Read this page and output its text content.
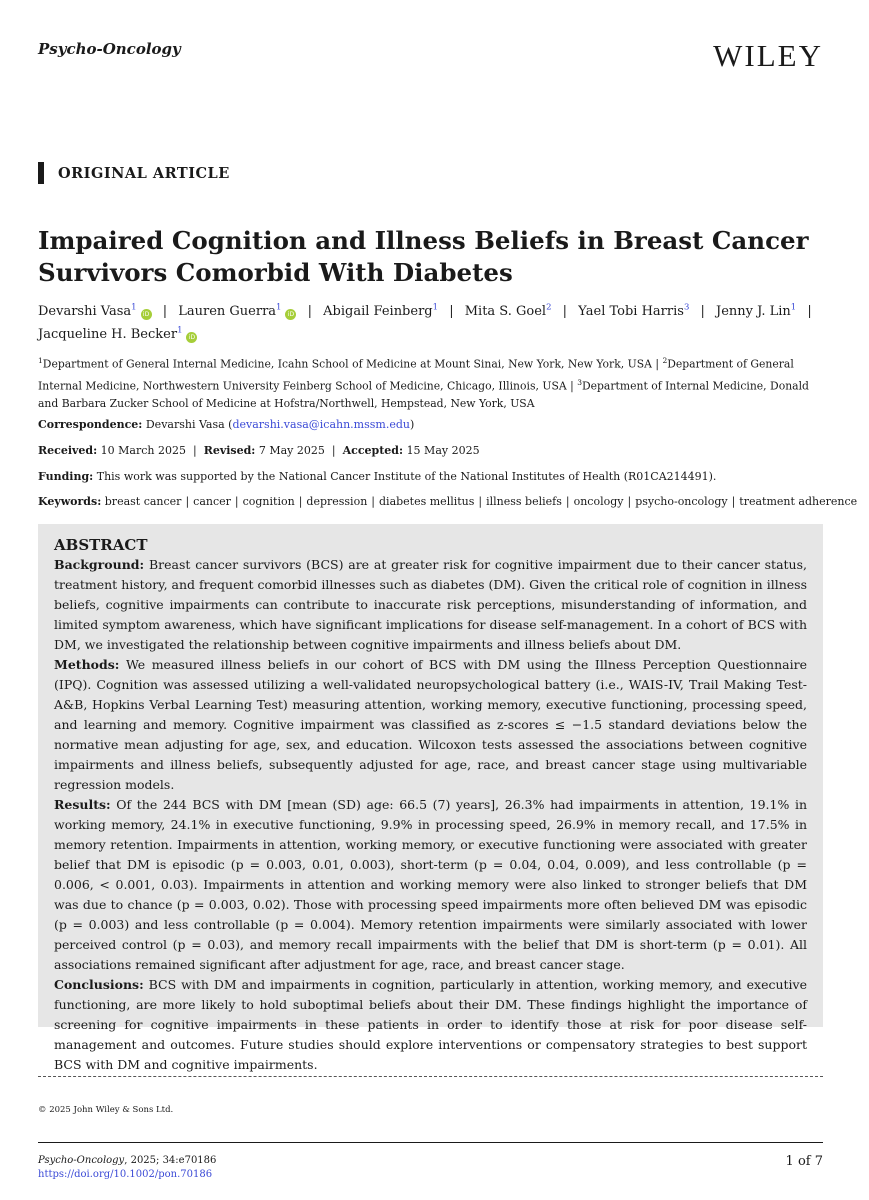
Psycho-Oncology	WILEY
ORIGINAL ARTICLE
Impaired Cognition and Illness Beliefs in Breast Cancer Survivors Comorbid With Diabetes
Devarshi Vasa$^1$iD | Lauren Guerra$^1$iD | Abigail Feinberg$^1$ | Mita S. Goel$^2$ | Yael Tobi Harris$^3$ | Jenny J. Lin$^1$ | Jacqueline H. Becker$^1$iD
$^1$Department of General Internal Medicine, Icahn School of Medicine at Mount Sinai, New York, New York, USA | $^2$Department of General Internal Medicine, Northwestern University Feinberg School of Medicine, Chicago, Illinois, USA | $^3$Department of Internal Medicine, Donald and Barbara Zucker School of Medicine at Hofstra/Northwell, Hempstead, New York, USA
Correspondence: Devarshi Vasa (devarshi.vasa@icahn.mssm.edu)
Received: 10 March 2025 | Revised: 7 May 2025 | Accepted: 15 May 2025
Funding: This work was supported by the National Cancer Institute of the National Institutes of Health (R01CA214491).
Keywords: breast cancer | cancer | cognition | depression | diabetes mellitus | illness beliefs | oncology | psycho-oncology | treatment adherence
ABSTRACT

Background: Breast cancer survivors (BCS) are at greater risk for cognitive impairment due to their cancer status, treatment history, and frequent comorbid illnesses such as diabetes (DM). Given the critical role of cognition in illness beliefs, cognitive impairments can contribute to inaccurate risk perceptions, misunderstanding of information, and limited symptom awareness, which have significant implications for disease self-management. In a cohort of BCS with DM, we investigated the relationship between cognitive impairments and illness beliefs about DM.

Methods: We measured illness beliefs in our cohort of BCS with DM using the Illness Perception Questionnaire (IPQ). Cognition was assessed utilizing a well-validated neuropsychological battery (i.e., WAIS-IV, Trail Making Test-A&B, Hopkins Verbal Learning Test) measuring attention, working memory, executive functioning, processing speed, and learning and memory. Cognitive impairment was classified as z-scores ≤ −1.5 standard deviations below the normative mean adjusting for age, sex, and education. Wilcoxon tests assessed the associations between cognitive impairments and illness beliefs, subsequently adjusted for age, race, and breast cancer stage using multivariable regression models.

Results: Of the 244 BCS with DM [mean (SD) age: 66.5 (7) years], 26.3% had impairments in attention, 19.1% in working memory, 24.1% in executive functioning, 9.9% in processing speed, 26.9% in memory recall, and 17.5% in memory retention. Impairments in attention, working memory, or executive functioning were associated with greater belief that DM is episodic (p = 0.003, 0.01, 0.003), short-term (p = 0.04, 0.04, 0.009), and less controllable (p = 0.006, < 0.001, 0.03). Impairments in attention and working memory were also linked to stronger beliefs that DM was due to chance (p = 0.003, 0.02). Those with processing speed impairments more often believed DM was episodic (p = 0.003) and less controllable (p = 0.004). Memory retention impairments were similarly associated with lower perceived control (p = 0.03), and memory recall impairments with the belief that DM is short-term (p = 0.01). All associations remained significant after adjustment for age, race, and breast cancer stage.

Conclusions: BCS with DM and impairments in cognition, particularly in attention, working memory, and executive functioning, are more likely to hold suboptimal beliefs about their DM. These findings highlight the importance of screening for cognitive impairments in these patients in order to identify those at risk for poor disease self-management and outcomes. Future studies should explore interventions or compensatory strategies to best support BCS with DM and cognitive impairments.

© 2025 John Wiley & Sons Ltd.
Psycho-Oncology, 2025; 34:e70186
https://doi.org/10.1002/pon.70186
1 of 7
